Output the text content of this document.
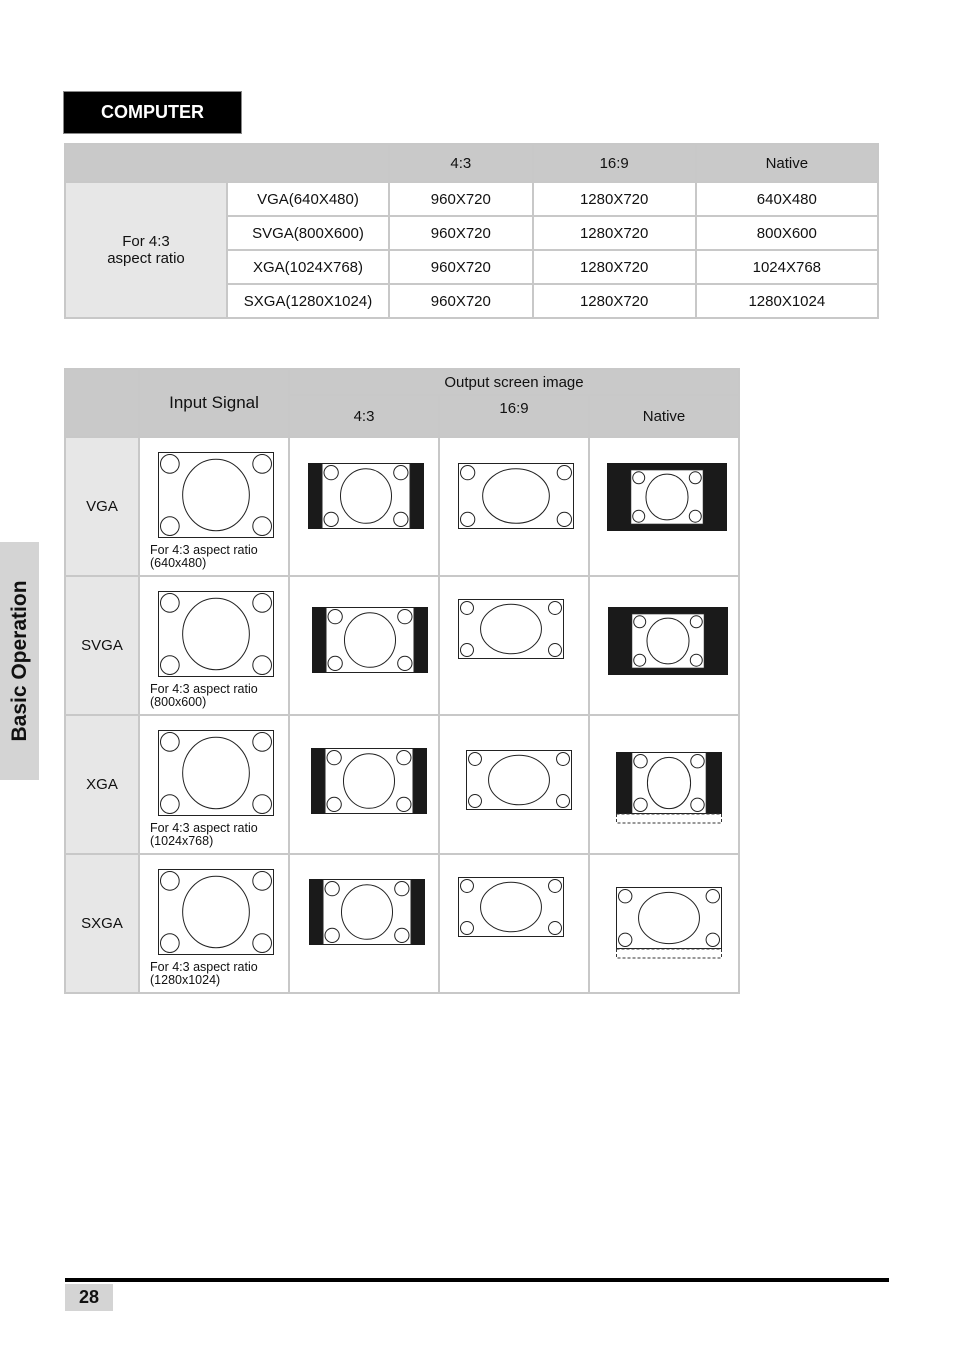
COMPUTER
		4:3	16:9	Native
For 4:3
aspect ratio	VGA(640X480)	960X720	1280X720	640X480
	SVGA(800X600)	960X720	1280X720	800X600
	XGA(1024X768)	960X720	1280X720	1024X768
	SXGA(1280X1024)	960X720	1280X720	1280X1024
	Input Signal	Output screen image		
		4:3	16:9	Native
VGA	For 4:3 aspect ratio
(640x480)

SVGA	For 4:3 aspect ratio
(800x600)

XGA	For 4:3 aspect ratio
(1024x768)

SXGA	For 4:3 aspect ratio
(1280x1024)

Basic Operation
28
